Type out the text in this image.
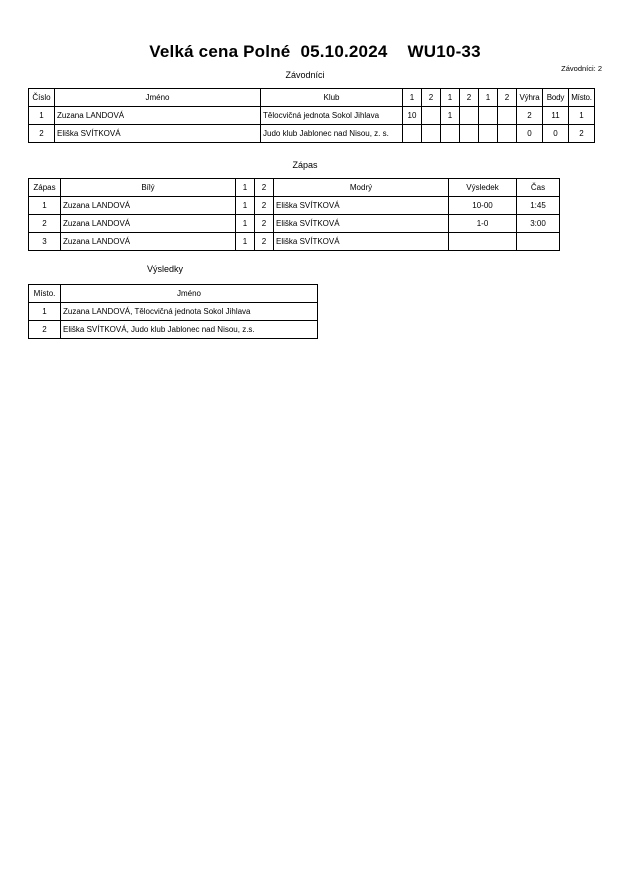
Velká cena Polné 05.10.2024 WU10-33
Závodníci: 2
Závodníci
Číslo	Jméno	Klub	1	2	1	2	1	2	Výhra	Body	Místo.
1	Zuzana LANDOVÁ	Tělocvičná jednota Sokol Jihlava	10		1				2	11	1
2	Eliška SVÍTKOVÁ	Judo klub Jablonec nad Nisou, z. s.							0	0	2
Zápas
Zápas	Bílý	1	2	Modrý	Výsledek	Čas
1	Zuzana LANDOVÁ	1	2	Eliška SVÍTKOVÁ	10-00	1:45
2	Zuzana LANDOVÁ	1	2	Eliška SVÍTKOVÁ	1-0	3:00
3	Zuzana LANDOVÁ	1	2	Eliška SVÍTKOVÁ		
Výsledky
Místo.	Jméno
1	Zuzana LANDOVÁ, Tělocvičná jednota Sokol Jihlava
2	Eliška SVÍTKOVÁ, Judo klub Jablonec nad Nisou, z.s.
